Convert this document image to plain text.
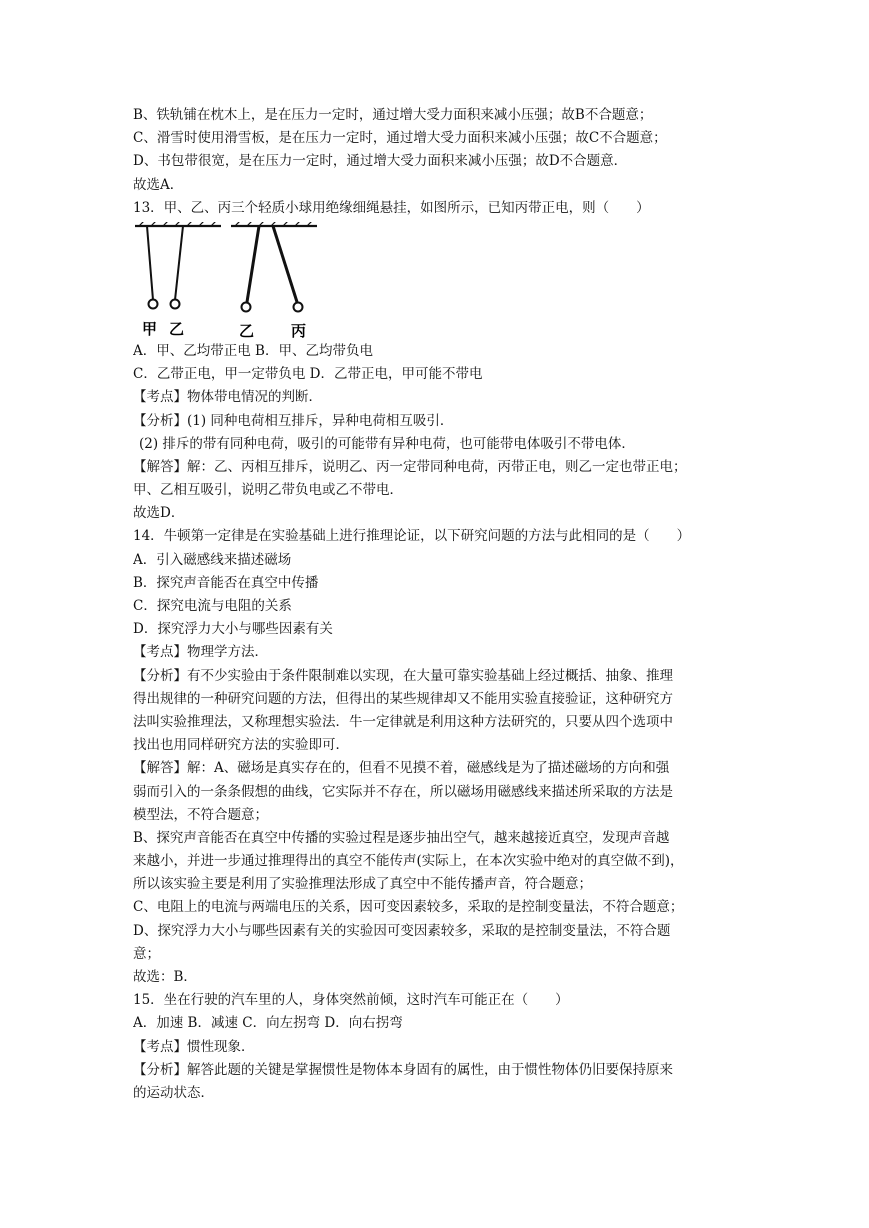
B、铁轨铺在枕木上，是在压力一定时，通过增大受力面积来减小压强；故B不合题意；
C、滑雪时使用滑雪板，是在压力一定时，通过增大受力面积来减小压强；故C不合题意；
D、书包带很宽，是在压力一定时，通过增大受力面积来减小压强；故D不合题意．
故选A．
13．甲、乙、丙三个轻质小球用绝缘细绳悬挂，如图所示，已知丙带正电，则（　　）
甲 乙	乙 丙
A．甲、乙均带正电 B．甲、乙均带负电
C．乙带正电，甲一定带负电 D．乙带正电，甲可能不带电
【考点】物体带电情况的判断．
【分析】(1) 同种电荷相互排斥，异种电荷相互吸引．
(2) 排斥的带有同种电荷，吸引的可能带有异种电荷，也可能带电体吸引不带电体．
【解答】解：乙、丙相互排斥，说明乙、丙一定带同种电荷，丙带正电，则乙一定也带正电；
甲、乙相互吸引，说明乙带负电或乙不带电．
故选D．
14．牛顿第一定律是在实验基础上进行推理论证，以下研究问题的方法与此相同的是（　　）
A．引入磁感线来描述磁场
B．探究声音能否在真空中传播
C．探究电流与电阻的关系
D．探究浮力大小与哪些因素有关
【考点】物理学方法．
【分析】有不少实验由于条件限制难以实现，在大量可靠实验基础上经过概括、抽象、推理
得出规律的一种研究问题的方法，但得出的某些规律却又不能用实验直接验证，这种研究方
法叫实验推理法，又称理想实验法．牛一定律就是利用这种方法研究的，只要从四个选项中
找出也用同样研究方法的实验即可．
【解答】解：A、磁场是真实存在的，但看不见摸不着，磁感线是为了描述磁场的方向和强
弱而引入的一条条假想的曲线，它实际并不存在，所以磁场用磁感线来描述所采取的方法是
模型法，不符合题意；
B、探究声音能否在真空中传播的实验过程是逐步抽出空气，越来越接近真空，发现声音越
来越小，并进一步通过推理得出的真空不能传声(实际上，在本次实验中绝对的真空做不到)，
所以该实验主要是利用了实验推理法形成了真空中不能传播声音，符合题意；
C、电阻上的电流与两端电压的关系，因可变因素较多，采取的是控制变量法，不符合题意；
D、探究浮力大小与哪些因素有关的实验因可变因素较多，采取的是控制变量法，不符合题
意；
故选：B．
15．坐在行驶的汽车里的人，身体突然前倾，这时汽车可能正在（　　）
A．加速 B．减速 C．向左拐弯 D．向右拐弯
【考点】惯性现象．
【分析】解答此题的关键是掌握惯性是物体本身固有的属性，由于惯性物体仍旧要保持原来
的运动状态．
